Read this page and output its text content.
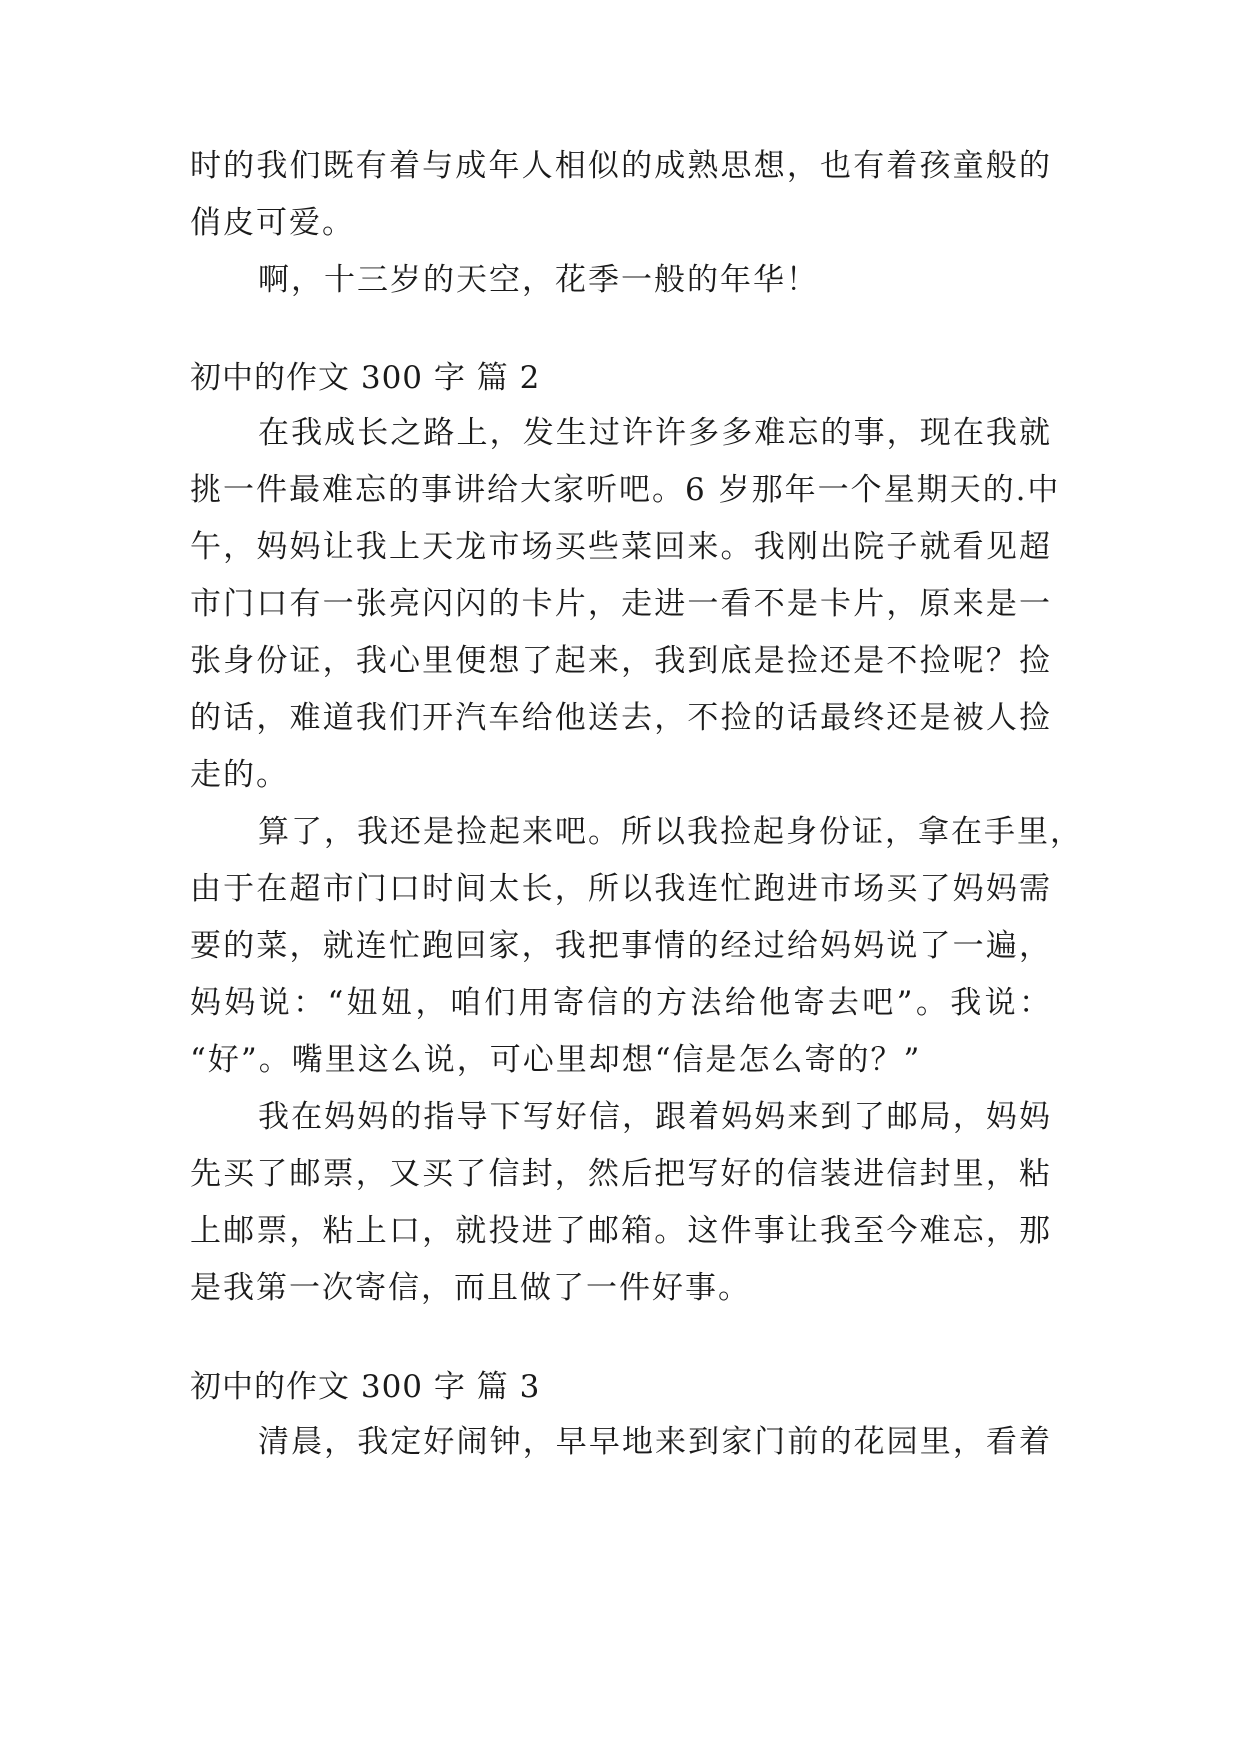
时的我们既有着与成年人相似的成熟思想，也有着孩童般的
俏皮可爱。
啊，十三岁的天空，花季一般的年华！
初中的作文 300 字 篇 2
在我成长之路上，发生过许许多多难忘的事，现在我就
挑一件最难忘的事讲给大家听吧。6 岁那年一个星期天的.中
午，妈妈让我上天龙市场买些菜回来。我刚出院子就看见超
市门口有一张亮闪闪的卡片，走进一看不是卡片，原来是一
张身份证，我心里便想了起来，我到底是捡还是不捡呢？捡
的话，难道我们开汽车给他送去，不捡的话最终还是被人捡
走的。
算了，我还是捡起来吧。所以我捡起身份证，拿在手里，
由于在超市门口时间太长，所以我连忙跑进市场买了妈妈需
要的菜，就连忙跑回家，我把事情的经过给妈妈说了一遍，
妈妈说：“妞妞，咱们用寄信的方法给他寄去吧”。我说：
“好”。嘴里这么说，可心里却想“信是怎么寄的？”
我在妈妈的指导下写好信，跟着妈妈来到了邮局，妈妈
先买了邮票，又买了信封，然后把写好的信装进信封里，粘
上邮票，粘上口，就投进了邮箱。这件事让我至今难忘，那
是我第一次寄信，而且做了一件好事。
初中的作文 300 字 篇 3
清晨，我定好闹钟，早早地来到家门前的花园里，看着
